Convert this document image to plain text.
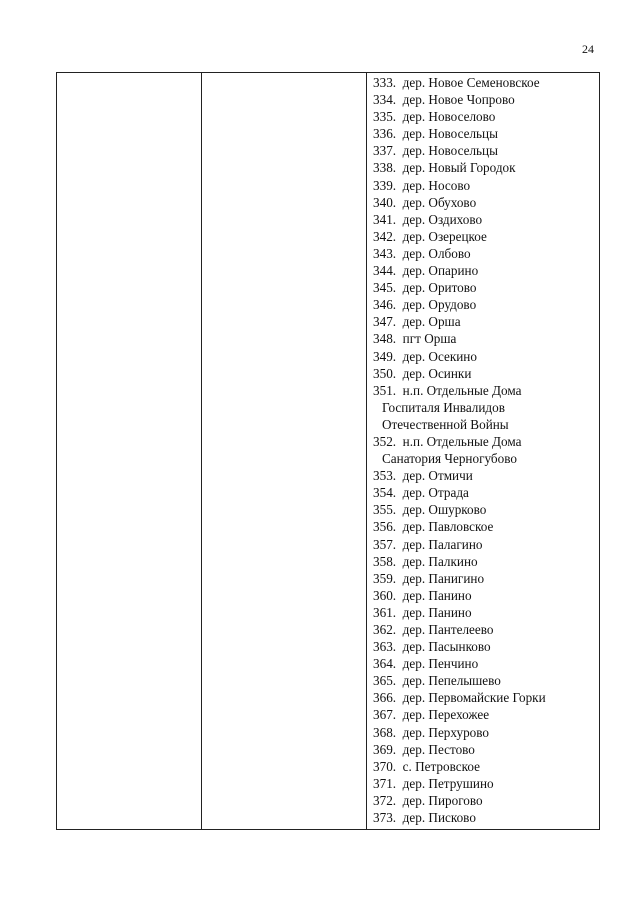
24

333. дер. Новое Семеновское
334. дер. Новое Чопрово
335. дер. Новоселово
336. дер. Новосельцы
337. дер. Новосельцы
338. дер. Новый Городок
339. дер. Носово
340. дер. Обухово
341. дер. Оздихово
342. дер. Озерецкое
343. дер. Олбово
344. дер. Опарино
345. дер. Оритово
346. дер. Орудово
347. дер. Орша
348. пгт Орша
349. дер. Осекино
350. дер. Осинки
351. н.п. Отдельные Дома
Госпиталя Инвалидов
Отечественной Войны
352. н.п. Отдельные Дома
Санатория Черногубово
353. дер. Отмичи
354. дер. Отрада
355. дер. Ошурково
356. дер. Павловское
357. дер. Палагино
358. дер. Палкино
359. дер. Панигино
360. дер. Панино
361. дер. Панино
362. дер. Пантелеево
363. дер. Пасынково
364. дер. Пенчино
365. дер. Пепелышево
366. дер. Первомайские Горки
367. дер. Перехожее
368. дер. Перхурово
369. дер. Пестово
370. с. Петровское
371. дер. Петрушино
372. дер. Пирогово
373. дер. Писково
